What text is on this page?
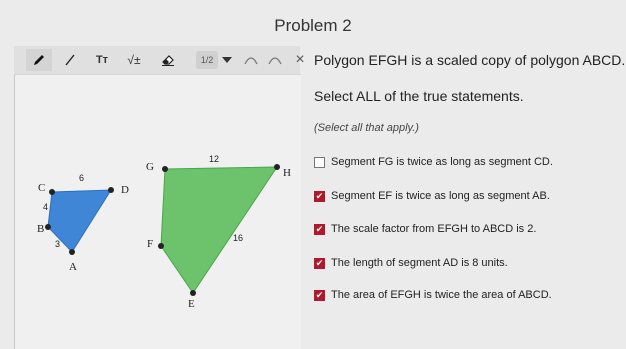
Problem 2
Tт	√±	1/2	×
C	D
A
B
6
4
3
G	H
E
F
12
16
Polygon EFGH is a scaled copy of polygon ABCD.
Select ALL of the true statements.
(Select all that apply.)
Segment FG is twice as long as segment CD.
✔ Segment EF is twice as long as segment AB.
✔ The scale factor from EFGH to ABCD is 2.
✔ The length of segment AD is 8 units.
✔ The area of EFGH is twice the area of ABCD.
